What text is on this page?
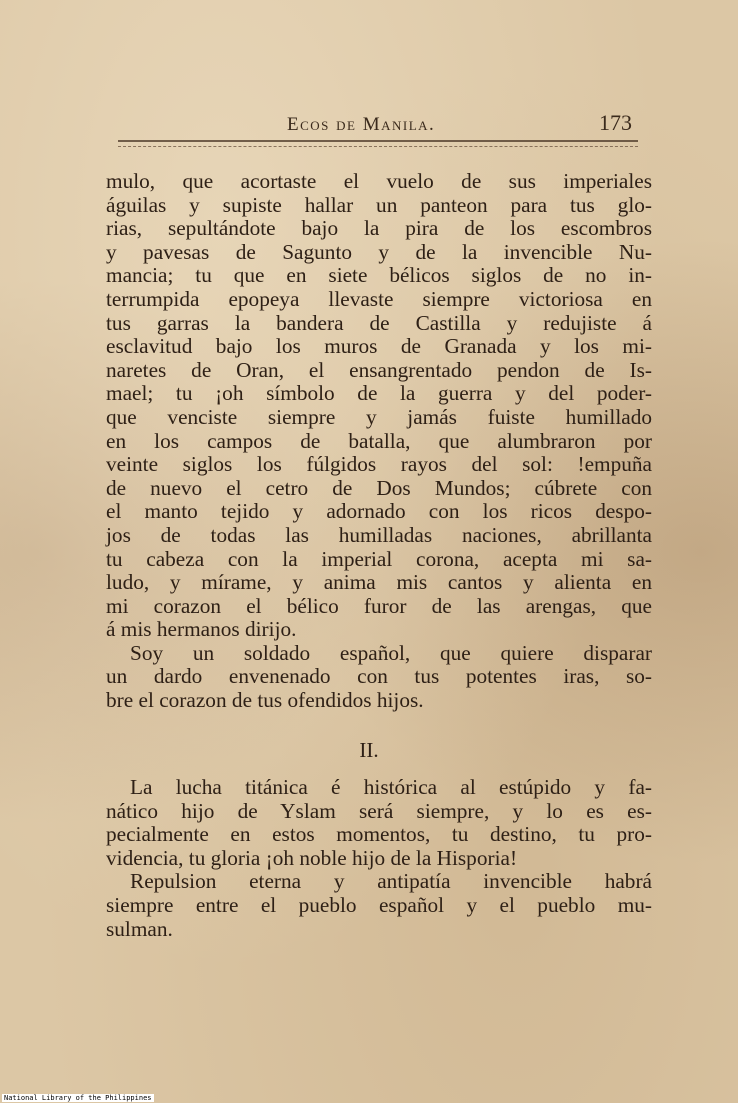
Ecos de Manila.	173
mulo, que acortaste el vuelo de sus imperiales
águilas y supiste hallar un panteon para tus glo-
rias, sepultándote bajo la pira de los escombros
y pavesas de Sagunto y de la invencible Nu-
mancia; tu que en siete bélicos siglos de no in-
terrumpida epopeya llevaste siempre victoriosa en
tus garras la bandera de Castilla y redujiste á
esclavitud bajo los muros de Granada y los mi-
naretes de Oran, el ensangrentado pendon de Is-
mael; tu ¡oh símbolo de la guerra y del poder-
que venciste siempre y jamás fuiste humillado
en los campos de batalla, que alumbraron por
veinte siglos los fúlgidos rayos del sol: !empuña
de nuevo el cetro de Dos Mundos; cúbrete con
el manto tejido y adornado con los ricos despo-
jos de todas las humilladas naciones, abrillanta
tu cabeza con la imperial corona, acepta mi sa-
ludo, y mírame, y anima mis cantos y alienta en
mi corazon el bélico furor de las arengas, que
á mis hermanos dirijo.
Soy un soldado español, que quiere disparar
un dardo envenenado con tus potentes iras, so-
bre el corazon de tus ofendidos hijos.
II.
La lucha titánica é histórica al estúpido y fa-
nático hijo de Yslam será siempre, y lo es es-
pecialmente en estos momentos, tu destino, tu pro-
videncia, tu gloria ¡oh noble hijo de la Hisporia!
Repulsion eterna y antipatía invencible habrá
siempre entre el pueblo español y el pueblo mu-
sulman.
National Library of the Philippines
